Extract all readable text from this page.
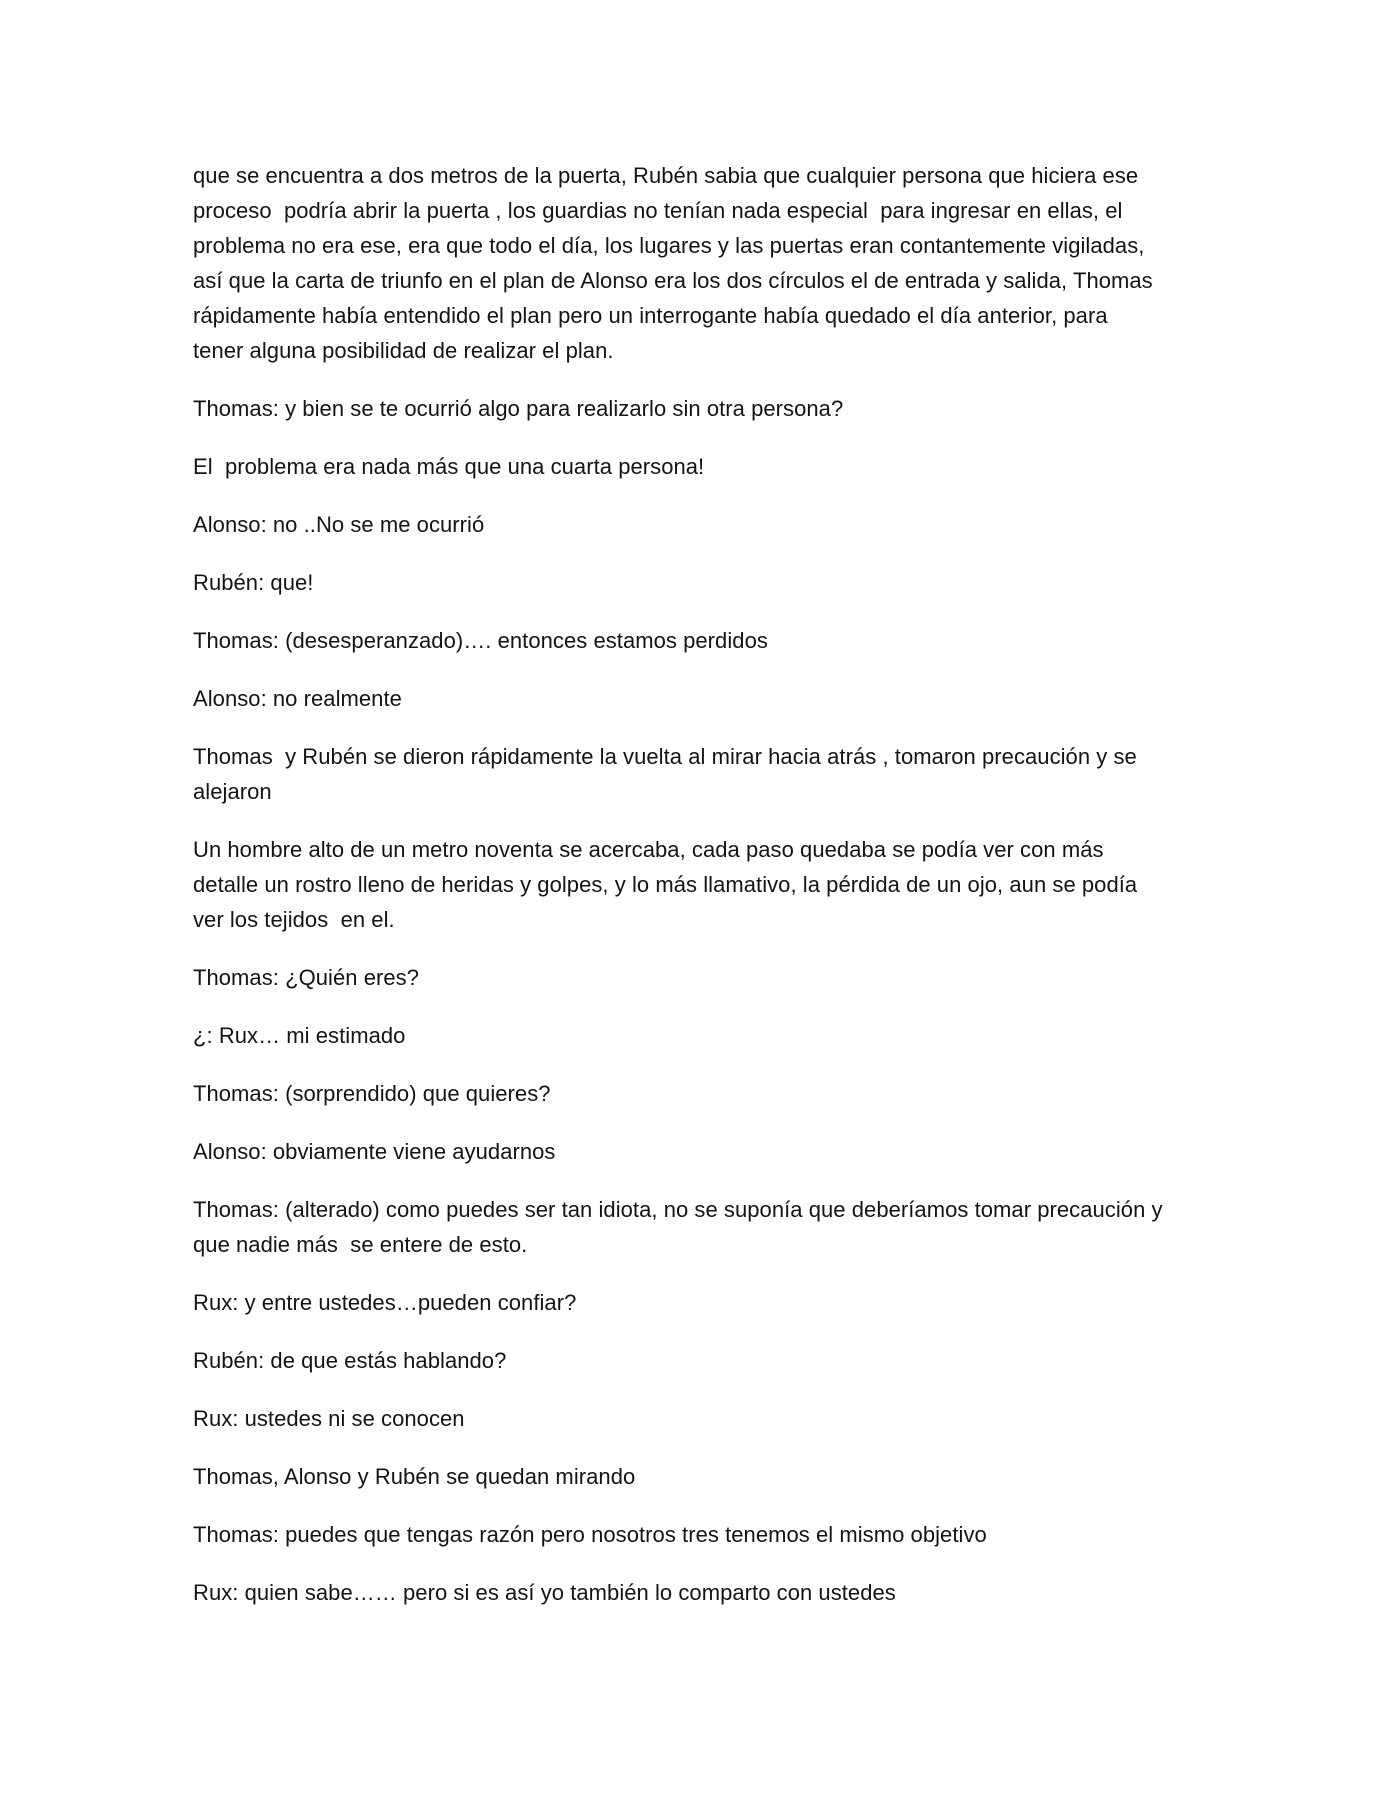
que se encuentra a dos metros de la puerta, Rubén sabia que cualquier persona que hiciera ese
proceso  podría abrir la puerta , los guardias no tenían nada especial  para ingresar en ellas, el
problema no era ese, era que todo el día, los lugares y las puertas eran contantemente vigiladas,
así que la carta de triunfo en el plan de Alonso era los dos círculos el de entrada y salida, Thomas
rápidamente había entendido el plan pero un interrogante había quedado el día anterior, para
tener alguna posibilidad de realizar el plan.

Thomas: y bien se te ocurrió algo para realizarlo sin otra persona?

El  problema era nada más que una cuarta persona!

Alonso: no ..No se me ocurrió

Rubén: que!

Thomas: (desesperanzado)…. entonces estamos perdidos

Alonso: no realmente

Thomas  y Rubén se dieron rápidamente la vuelta al mirar hacia atrás , tomaron precaución y se
alejaron

Un hombre alto de un metro noventa se acercaba, cada paso quedaba se podía ver con más
detalle un rostro lleno de heridas y golpes, y lo más llamativo, la pérdida de un ojo, aun se podía
ver los tejidos  en el.

Thomas: ¿Quién eres?

¿: Rux… mi estimado

Thomas: (sorprendido) que quieres?

Alonso: obviamente viene ayudarnos

Thomas: (alterado) como puedes ser tan idiota, no se suponía que deberíamos tomar precaución y
que nadie más  se entere de esto.

Rux: y entre ustedes…pueden confiar?

Rubén: de que estás hablando?

Rux: ustedes ni se conocen

Thomas, Alonso y Rubén se quedan mirando

Thomas: puedes que tengas razón pero nosotros tres tenemos el mismo objetivo

Rux: quien sabe…… pero si es así yo también lo comparto con ustedes
